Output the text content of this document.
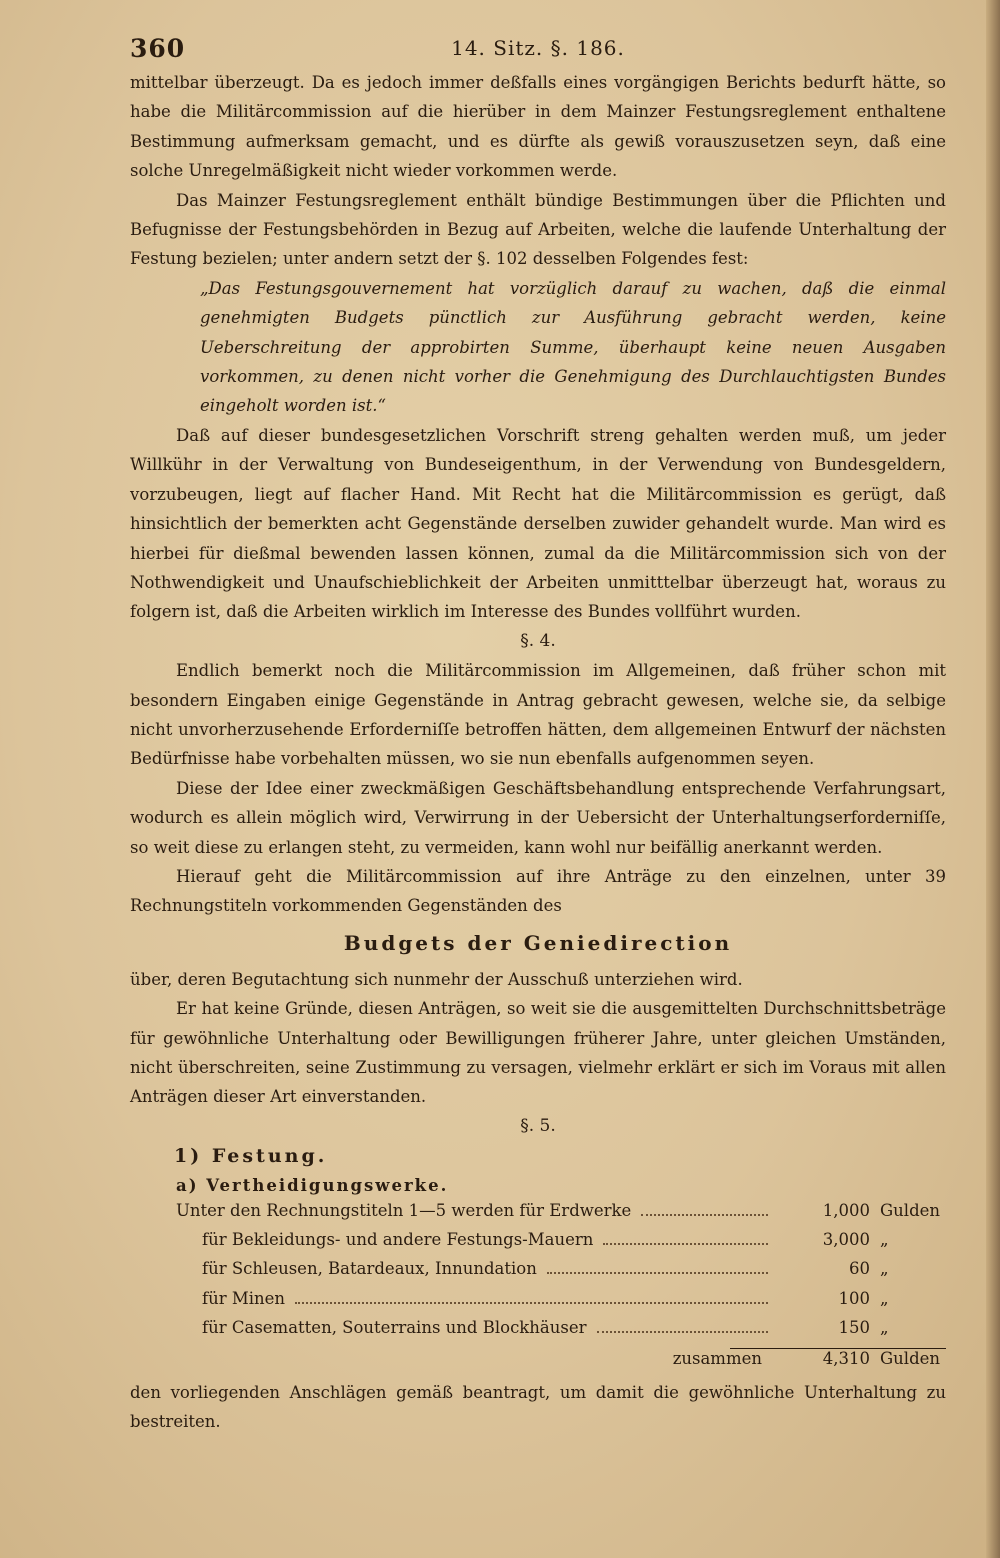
360	14. Sitz. §. 186.

mittelbar überzeugt. Da es jedoch immer deßfalls eines vorgängigen Berichts bedurft hätte, so habe die Militärcommission auf die hierüber in dem Mainzer Festungsreglement enthaltene Bestimmung aufmerksam gemacht, und es dürfte als gewiß vorauszusetzen seyn, daß eine solche Unregelmäßigkeit nicht wieder vorkommen werde.

Das Mainzer Festungsreglement enthält bündige Bestimmungen über die Pflichten und Befugnisse der Festungsbehörden in Bezug auf Arbeiten, welche die laufende Unterhaltung der Festung bezielen; unter andern setzt der §. 102 desselben Folgendes fest:

„Das Festungsgouvernement hat vorzüglich darauf zu wachen, daß die einmal genehmigten Budgets pünctlich zur Ausführung gebracht werden, keine Ueberschreitung der approbirten Summe, überhaupt keine neuen Ausgaben vorkommen, zu denen nicht vorher die Genehmigung des Durchlauchtigsten Bundes eingeholt worden ist.“

Daß auf dieser bundesgesetzlichen Vorschrift streng gehalten werden muß, um jeder Willkühr in der Verwaltung von Bundeseigenthum, in der Verwendung von Bundesgeldern, vorzubeugen, liegt auf flacher Hand. Mit Recht hat die Militärcommission es gerügt, daß hinsichtlich der bemerkten acht Gegenstände derselben zuwider gehandelt wurde. Man wird es hierbei für dießmal bewenden lassen können, zumal da die Militärcommission sich von der Nothwendigkeit und Unaufschieblichkeit der Arbeiten unmitttelbar überzeugt hat, woraus zu folgern ist, daß die Arbeiten wirklich im Interesse des Bundes vollführt wurden.

§. 4.

Endlich bemerkt noch die Militärcommission im Allgemeinen, daß früher schon mit besondern Eingaben einige Gegenstände in Antrag gebracht gewesen, welche sie, da selbige nicht unvorherzusehende Erforderniſſe betroffen hätten, dem allgemeinen Entwurf der nächsten Bedürfnisse habe vorbehalten müssen, wo sie nun ebenfalls aufgenommen seyen.

Diese der Idee einer zweckmäßigen Geschäftsbehandlung entsprechende Verfahrungsart, wodurch es allein möglich wird, Verwirrung in der Uebersicht der Unterhaltungserforderniſſe, so weit diese zu erlangen steht, zu vermeiden, kann wohl nur beifällig anerkannt werden.

Hierauf geht die Militärcommission auf ihre Anträge zu den einzelnen, unter 39 Rechnungstiteln vorkommenden Gegenständen des

Budgets der Geniedirection

über, deren Begutachtung sich nunmehr der Ausschuß unterziehen wird.

Er hat keine Gründe, diesen Anträgen, so weit sie die ausgemittelten Durchschnittsbeträge für gewöhnliche Unterhaltung oder Bewilligungen früherer Jahre, unter gleichen Umständen, nicht überschreiten, seine Zustimmung zu versagen, vielmehr erklärt er sich im Voraus mit allen Anträgen dieser Art einverstanden.

§. 5.

1) Festung.

a) Vertheidigungswerke.

Unter den Rechnungstiteln 1—5 werden für Erdwerke	1,000 Gulden
für Bekleidungs- und andere Festungs-Mauern	3,000 „
für Schleusen, Batardeaux, Innundation	60 „
für Minen	100 „
für Casematten, Souterrains und Blockhäuser	150 „
zusammen	4,310 Gulden

den vorliegenden Anschlägen gemäß beantragt, um damit die gewöhnliche Unterhaltung zu bestreiten.
